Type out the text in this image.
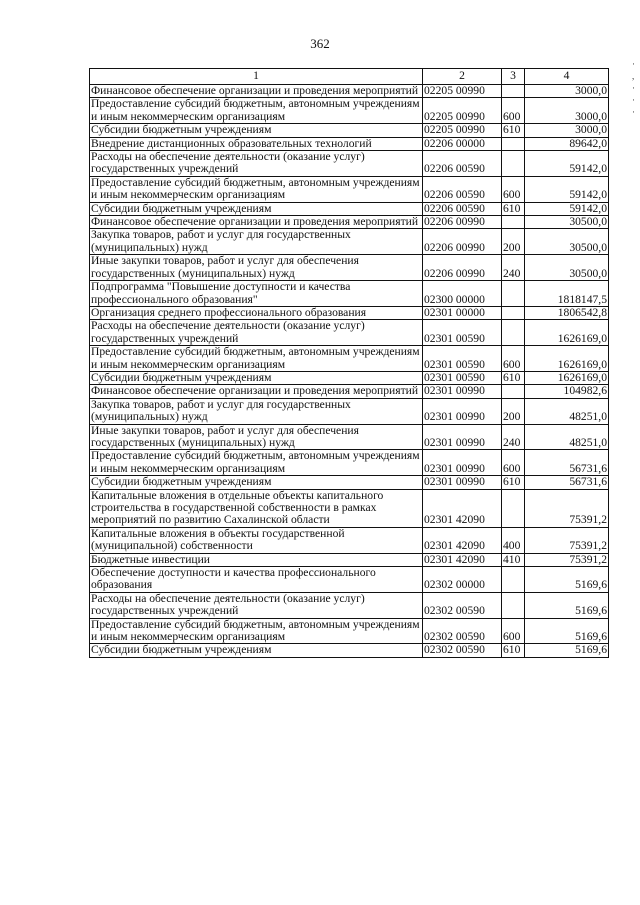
362
1	2	3	4
Финансовое обеспечение организации и проведения мероприятий	02205 00990		3000,0
Предоставление субсидий бюджетным, автономным учреждениям и иным некоммерческим организациям	02205 00990	600	3000,0
Субсидии бюджетным учреждениям	02205 00990	610	3000,0
Внедрение дистанционных образовательных технологий	02206 00000		89642,0
Расходы на обеспечение деятельности (оказание услуг) государственных учреждений	02206 00590		59142,0
Предоставление субсидий бюджетным, автономным учреждениям и иным некоммерческим организациям	02206 00590	600	59142,0
Субсидии бюджетным учреждениям	02206 00590	610	59142,0
Финансовое обеспечение организации и проведения мероприятий	02206 00990		30500,0
Закупка товаров, работ и услуг для государственных (муниципальных) нужд	02206 00990	200	30500,0
Иные закупки товаров, работ и услуг для обеспечения государственных (муниципальных) нужд	02206 00990	240	30500,0
Подпрограмма "Повышение доступности и качества профессионального образования"	02300 00000		1818147,5
Организация среднего профессионального образования	02301 00000		1806542,8
Расходы на обеспечение деятельности (оказание услуг) государственных учреждений	02301 00590		1626169,0
Предоставление субсидий бюджетным, автономным учреждениям и иным некоммерческим организациям	02301 00590	600	1626169,0
Субсидии бюджетным учреждениям	02301 00590	610	1626169,0
Финансовое обеспечение организации и проведения мероприятий	02301 00990		104982,6
Закупка товаров, работ и услуг для государственных (муниципальных) нужд	02301 00990	200	48251,0
Иные закупки товаров, работ и услуг для обеспечения государственных (муниципальных) нужд	02301 00990	240	48251,0
Предоставление субсидий бюджетным, автономным учреждениям и иным некоммерческим организациям	02301 00990	600	56731,6
Субсидии бюджетным учреждениям	02301 00990	610	56731,6
Капитальные вложения в отдельные объекты капитального строительства в государственной собственности в рамках мероприятий по развитию Сахалинской области	02301 42090		75391,2
Капитальные вложения в объекты государственной (муниципальной) собственности	02301 42090	400	75391,2
Бюджетные инвестиции	02301 42090	410	75391,2
Обеспечение доступности и качества профессионального образования	02302 00000		5169,6
Расходы на обеспечение деятельности (оказание услуг) государственных учреждений	02302 00590		5169,6
Предоставление субсидий бюджетным, автономным учреждениям и иным некоммерческим организациям	02302 00590	600	5169,6
Субсидии бюджетным учреждениям	02302 00590	610	5169,6
·
,
·
·
·
